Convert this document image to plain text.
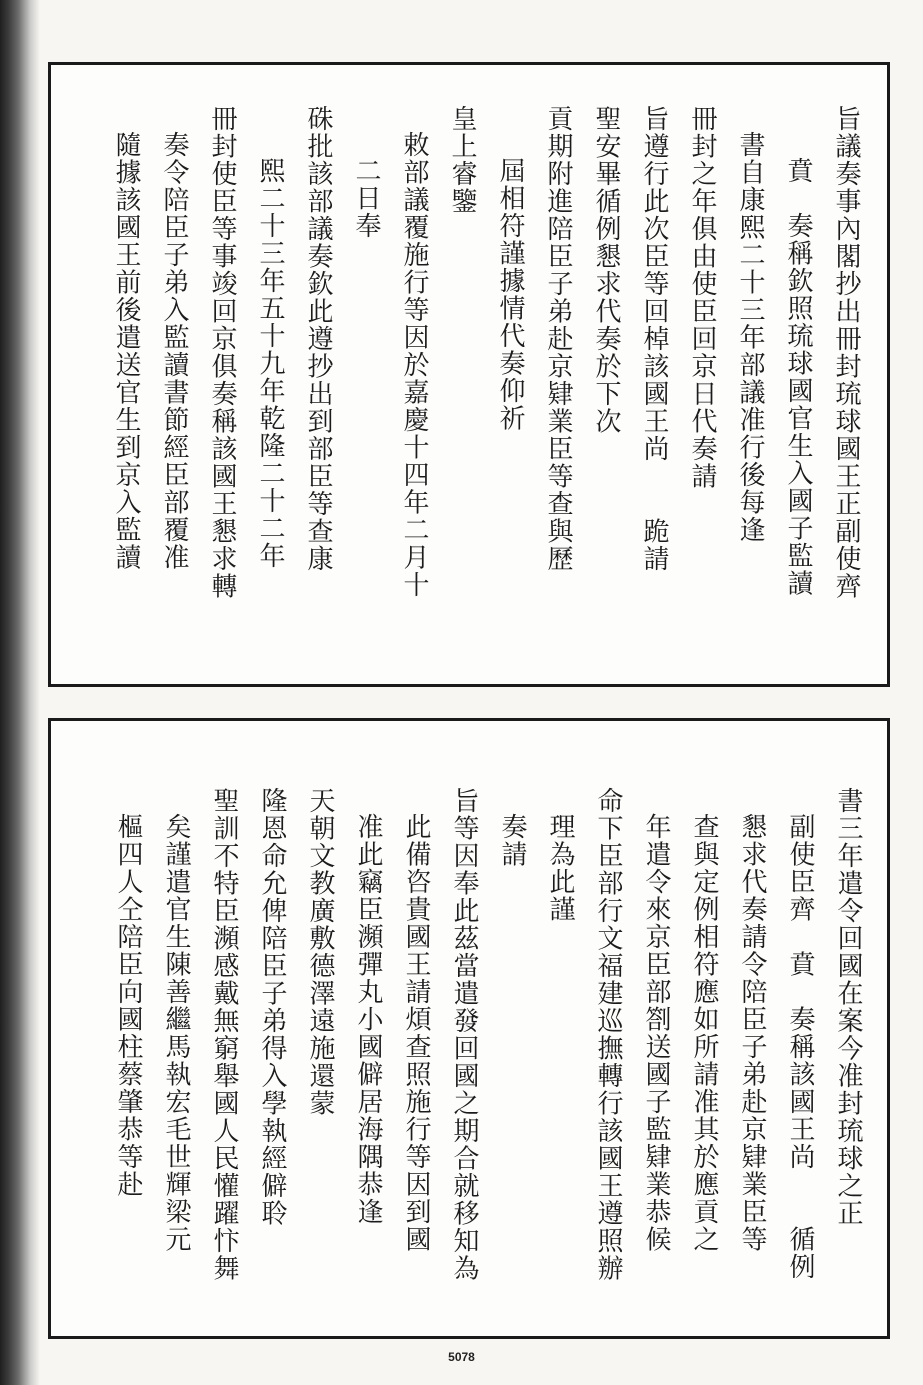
旨議奏事內閣抄出冊封琉球國王正副使齊
賁　奏稱欽照琉球國官生入國子監讀
書自康熙二十三年部議准行後每逢
冊封之年俱由使臣回京日代奏請
旨遵行此次臣等回棹該國王尚　　跪請
聖安畢循例懇求代奏於下次
貢期附進陪臣子弟赴京肄業臣等查與歷
屆相符謹據情代奏仰祈
皇上睿鑒
敕部議覆施行等因於嘉慶十四年二月十
二日奉
硃批該部議奏欽此遵抄出到部臣等查康
熙二十三年五十九年乾隆二十二年
冊封使臣等事竣回京俱奏稱該國王懇求轉
奏令陪臣子弟入監讀書節經臣部覆准
隨據該國王前後遣送官生到京入監讀
書三年遣令回國在案今准封琉球之正
副使臣齊　賁　奏稱該國王尚　　循例
懇求代奏請令陪臣子弟赴京肄業臣等
查與定例相符應如所請准其於應貢之
年遣令來京臣部劄送國子監肄業恭候
命下臣部行文福建巡撫轉行該國王遵照辦
理為此謹
奏請
旨等因奉此茲當遣發回國之期合就移知為
此備咨貴國王請煩查照施行等因到國
准此竊臣瀕彈丸小國僻居海隅恭逢
天朝文教廣敷德澤遠施還蒙
隆恩命允俾陪臣子弟得入學執經僻聆
聖訓不特臣瀕感戴無窮舉國人民懽躍忭舞
矣謹遣官生陳善繼馬執宏毛世輝梁元
樞四人仝陪臣向國柱蔡肇恭等赴
5078
